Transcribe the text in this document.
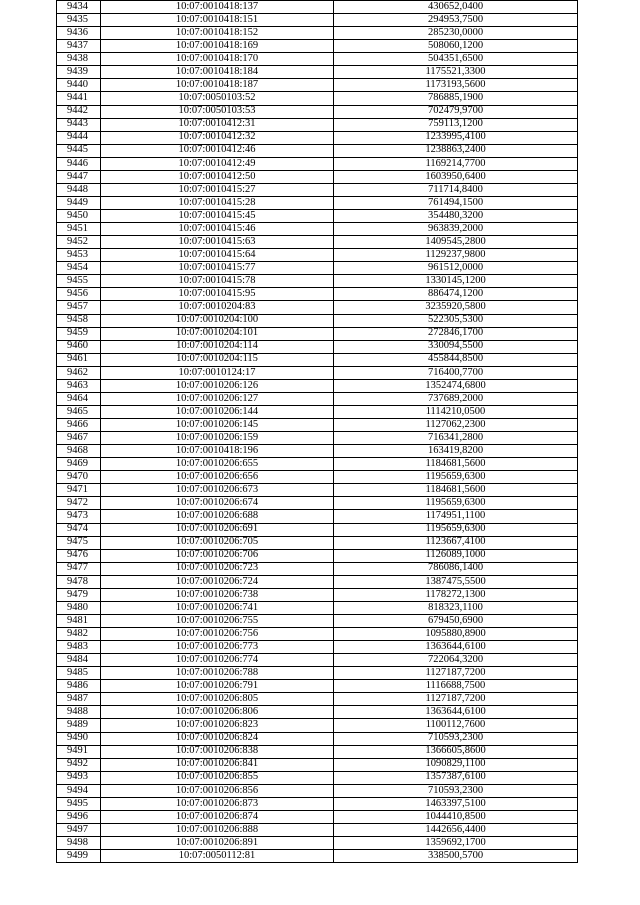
9434	10:07:0010418:137	430652,0400
9435	10:07:0010418:151	294953,7500
9436	10:07:0010418:152	285230,0000
9437	10:07:0010418:169	508060,1200
9438	10:07:0010418:170	504351,6500
9439	10:07:0010418:184	1175521,3300
9440	10:07:0010418:187	1173193,5600
9441	10:07:0050103:52	786885,1900
9442	10:07:0050103:53	702479,9700
9443	10:07:0010412:31	759113,1200
9444	10:07:0010412:32	1233995,4100
9445	10:07:0010412:46	1238863,2400
9446	10:07:0010412:49	1169214,7700
9447	10:07:0010412:50	1603950,6400
9448	10:07:0010415:27	711714,8400
9449	10:07:0010415:28	761494,1500
9450	10:07:0010415:45	354480,3200
9451	10:07:0010415:46	963839,2000
9452	10:07:0010415:63	1409545,2800
9453	10:07:0010415:64	1129237,9800
9454	10:07:0010415:77	961512,0000
9455	10:07:0010415:78	1330145,1200
9456	10:07:0010415:95	886474,1200
9457	10:07:0010204:83	3235920,5800
9458	10:07:0010204:100	522305,5300
9459	10:07:0010204:101	272846,1700
9460	10:07:0010204:114	330094,5500
9461	10:07:0010204:115	455844,8500
9462	10:07:0010124:17	716400,7700
9463	10:07:0010206:126	1352474,6800
9464	10:07:0010206:127	737689,2000
9465	10:07:0010206:144	1114210,0500
9466	10:07:0010206:145	1127062,2300
9467	10:07:0010206:159	716341,2800
9468	10:07:0010418:196	163419,8200
9469	10:07:0010206:655	1184681,5600
9470	10:07:0010206:656	1195659,6300
9471	10:07:0010206:673	1184681,5600
9472	10:07:0010206:674	1195659,6300
9473	10:07:0010206:688	1174951,1100
9474	10:07:0010206:691	1195659,6300
9475	10:07:0010206:705	1123667,4100
9476	10:07:0010206:706	1126089,1000
9477	10:07:0010206:723	786086,1400
9478	10:07:0010206:724	1387475,5500
9479	10:07:0010206:738	1178272,1300
9480	10:07:0010206:741	818323,1100
9481	10:07:0010206:755	679450,6900
9482	10:07:0010206:756	1095880,8900
9483	10:07:0010206:773	1363644,6100
9484	10:07:0010206:774	722064,3200
9485	10:07:0010206:788	1127187,7200
9486	10:07:0010206:791	1116688,7500
9487	10:07:0010206:805	1127187,7200
9488	10:07:0010206:806	1363644,6100
9489	10:07:0010206:823	1100112,7600
9490	10:07:0010206:824	710593,2300
9491	10:07:0010206:838	1366605,8600
9492	10:07:0010206:841	1090829,1100
9493	10:07:0010206:855	1357387,6100
9494	10:07:0010206:856	710593,2300
9495	10:07:0010206:873	1463397,5100
9496	10:07:0010206:874	1044410,8500
9497	10:07:0010206:888	1442656,4400
9498	10:07:0010206:891	1359692,1700
9499	10:07:0050112:81	338500,5700
